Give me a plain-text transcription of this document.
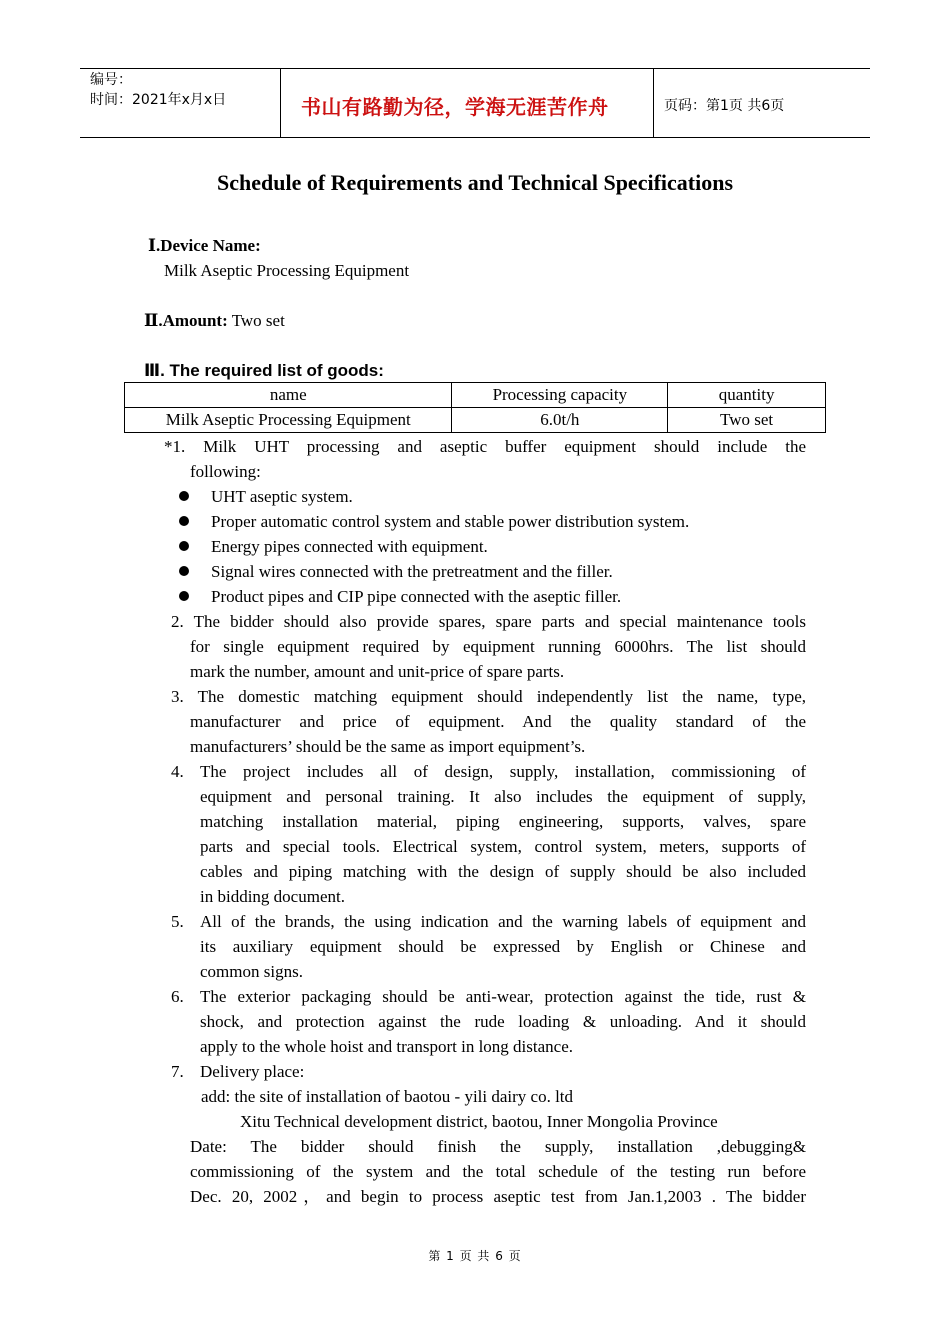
编号：
时间：2021年x月x日	书山有路勤为径，学海无涯苦作舟	页码：第1页 共6页
Schedule of Requirements and Technical Specifications
Ⅰ.Device Name:
Milk Aseptic Processing Equipment
Ⅱ.Amount: Two set
Ⅲ. The required list of goods:
name	Processing capacity	quantity
Milk Aseptic Processing Equipment	6.0t/h	Two set
*1. Milk UHT processing and aseptic buffer equipment should include the
following:
UHT aseptic system.
Proper automatic control system and stable power distribution system.
Energy pipes connected with equipment.
Signal wires connected with the pretreatment and the filler.
Product pipes and CIP pipe connected with the aseptic filler.
2. The bidder should also provide spares, spare parts and special maintenance tools
for single equipment required by equipment running 6000hrs. The list should
mark the number, amount and unit-price of spare parts.
3. The domestic matching equipment should independently list the name, type,
manufacturer and price of equipment. And the quality standard of the
manufacturers’ should be the same as import equipment’s.
4. The project includes all of design, supply, installation, commissioning of
equipment and personal training. It also includes the equipment of supply,
matching installation material, piping engineering, supports, valves, spare
parts and special tools. Electrical system, control system, meters, supports of
cables and piping matching with the design of supply should be also included
in bidding document.
5. All of the brands, the using indication and the warning labels of equipment and
its auxiliary equipment should be expressed by English or Chinese and
common signs.
6. The exterior packaging should be anti-wear, protection against the tide, rust &
shock, and protection against the rude loading & unloading. And it should
apply to the whole hoist and transport in long distance.
7. Delivery place:
add: the site of installation of baotou - yili dairy co. ltd
Xitu Technical development district, baotou, Inner Mongolia Province
Date: The bidder should finish the supply, installation ,debugging&
commissioning of the system and the total schedule of the testing run before
Dec. 20, 2002，and begin to process aseptic test from Jan.1,2003 . The bidder
第 1 页 共 6 页
